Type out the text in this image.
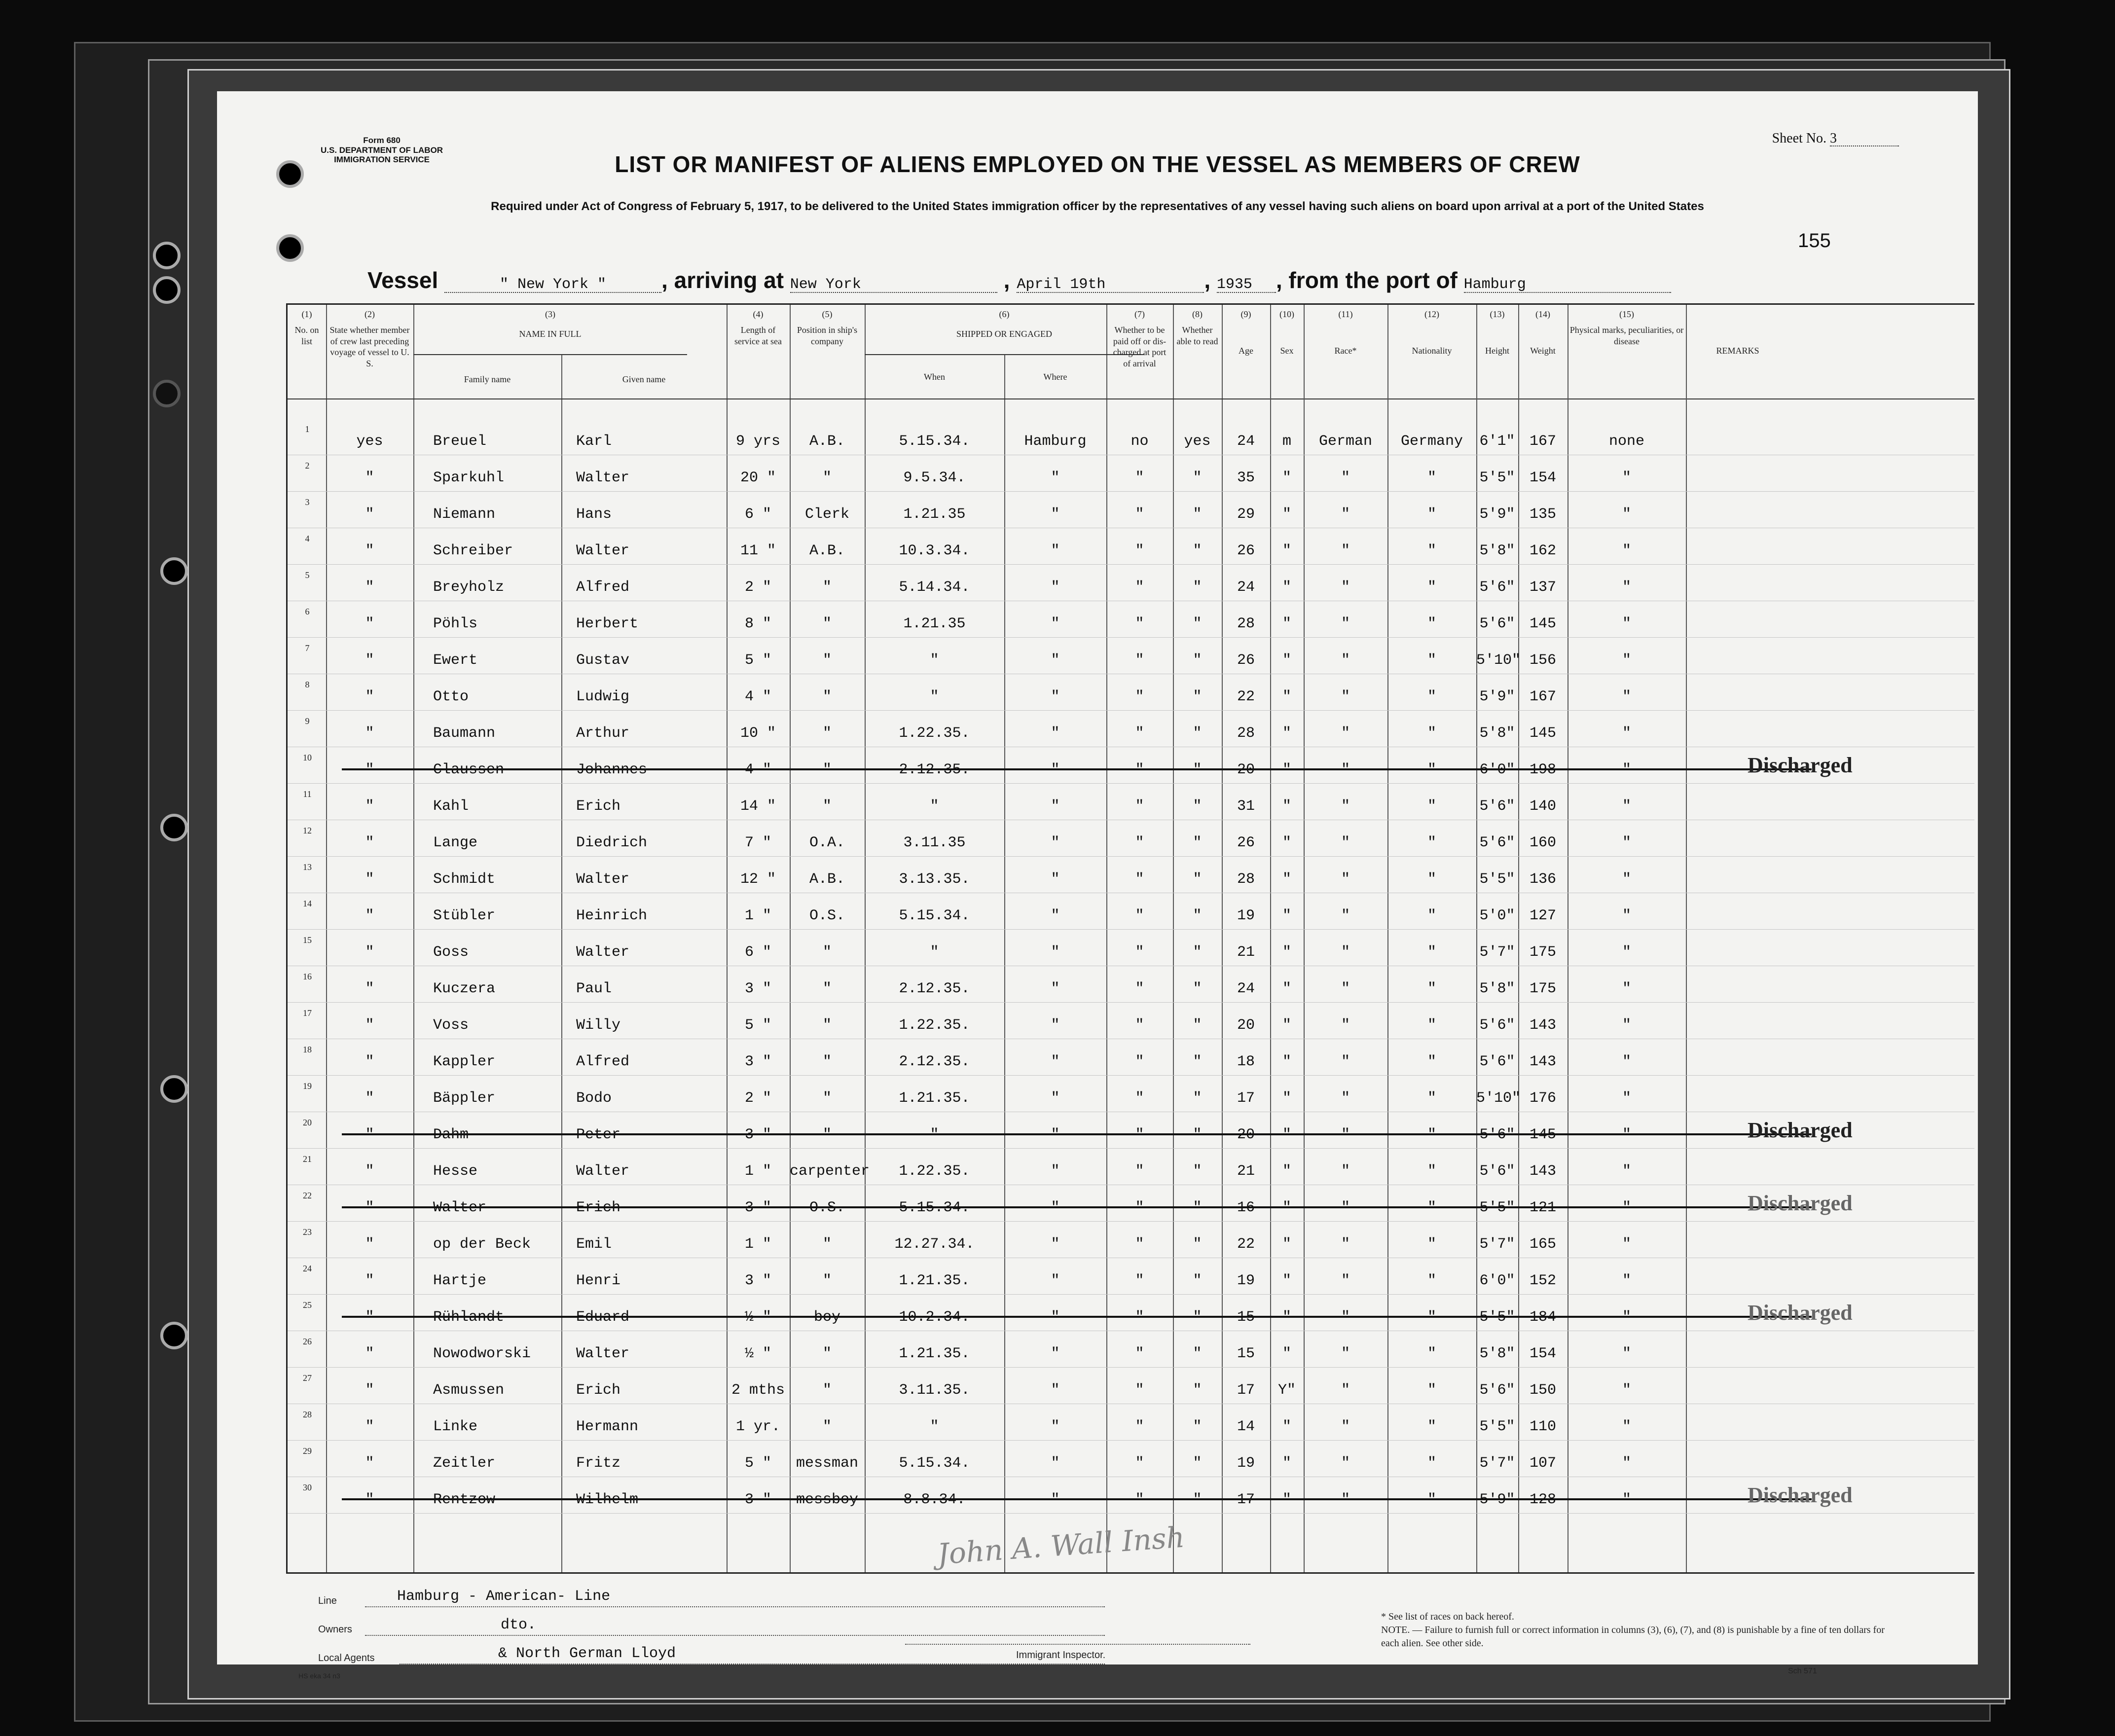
Form 680
U.S. DEPARTMENT OF LABOR
IMMIGRATION SERVICE
Sheet No. 3
LIST OR MANIFEST OF ALIENS EMPLOYED ON THE VESSEL AS MEMBERS OF CREW
Required under Act of Congress of February 5, 1917, to be delivered to the United States immigration officer by the representatives of any vessel having such aliens on board upon arrival at a port of the United States
155
Vessel	" New York " , arriving at New York	, April 19th	, 1935 , from the port of Hamburg
(1)
No. on list
(2)
State whether member of crew last preceding voyage of vessel to U. S.
(3)
NAME IN FULL
(4)
Length of service at sea
(5)
Position in ship's company
(6)
SHIPPED OR ENGAGED
(7)
Whether to be paid off or dis-charged at port of arrival
(8)
Whether able to read
(9)
Age
(10)
Sex
(11)
Race*
(12)
Nationality
(13)
Height
(14)
Weight
(15)
Physical marks, peculiarities, or disease
Family name	Given name	When	Where
REMARKS
1
yes	Breuel	Karl	9 yrs	A.B.	5.15.34.	Hamburg	no	yes	24	m	German	Germany	6'1" 167	none
2
"	Sparkuhl	Walter	20 "	"	9.5.34.	"	"	"	35	"	"	"	5'5" 154	"
3
"	Niemann	Hans	6 "	Clerk	1.21.35	"	"	"	29	"	"	"	5'9" 135	"
4
"	Schreiber	Walter	11 "	A.B.	10.3.34.	"	"	"	26	"	"	"	5'8" 162	"
5
"	Breyholz	Alfred	2 "	"	5.14.34.	"	"	"	24	"	"	"	5'6" 137	"
6
"	Pöhls	Herbert	8 "	"	1.21.35	"	"	"	28	"	"	"	5'6" 145	"
7
"	Ewert	Gustav	5 "	"	"	"	"	"	26	"	"	"	5'10" 156	"
8
"	Otto	Ludwig	4 "	"	"	"	"	"	22	"	"	"	5'9" 167	"
9
"	Baumann	Arthur	10 "	"	1.22.35.	"	"	"	28	"	"	"	5'8" 145	"
10
"	Claussen	Johannes	4 "	"	2.12.35.	"	"	"	20	"	"	"	6'0" 198	"	Discharged
11
"	Kahl	Erich	14 "	"	"	"	"	"	31	"	"	"	5'6" 140	"
12
"	Lange	Diedrich	7 "	O.A.	3.11.35	"	"	"	26	"	"	"	5'6" 160	"
13
"	Schmidt	Walter	12 "	A.B.	3.13.35.	"	"	"	28	"	"	"	5'5" 136	"
14
"	Stübler	Heinrich	1 "	O.S.	5.15.34.	"	"	"	19	"	"	"	5'0" 127	"
15
"	Goss	Walter	6 "	"	"	"	"	"	21	"	"	"	5'7" 175	"
16
"	Kuczera	Paul	3 "	"	2.12.35.	"	"	"	24	"	"	"	5'8" 175	"
17
"	Voss	Willy	5 "	"	1.22.35.	"	"	"	20	"	"	"	5'6" 143	"
18
"	Kappler	Alfred	3 "	"	2.12.35.	"	"	"	18	"	"	"	5'6" 143	"
19
"	Bäppler	Bodo	2 "	"	1.21.35.	"	"	"	17	"	"	"	5'10" 176	"
20
"	Dahm	Peter	3 "	"	"	"	"	"	20	"	"	"	5'6" 145	"	Discharged
21
"	Hesse	Walter	1 "	carpenter	1.22.35.	"	"	"	21	"	"	"	5'6" 143	"
22
"	Walter	Erich	3 "	O.S.	5.15.34.	"	"	"	16	"	"	"	5'5" 121	"	Discharged
23
"	op der Beck	Emil	1 "	"	12.27.34.	"	"	"	22	"	"	"	5'7" 165	"
24
"	Hartje	Henri	3 "	"	1.21.35.	"	"	"	19	"	"	"	6'0" 152	"
25
"	Rühlandt	Eduard	½ "	boy	10.2.34.	"	"	"	15	"	"	"	5'5" 184	"	Discharged
26
"	Nowodworski	Walter	½ "	"	1.21.35.	"	"	"	15	"	"	"	5'8" 154	"
27
"	Asmussen	Erich	2 mths	"	3.11.35.	"	"	"	17	Y"	"	"	5'6" 150	"
28
"	Linke	Hermann	1 yr.	"	"	"	"	"	14	"	"	"	5'5" 110	"
29
"	Zeitler	Fritz	5 "	messman	5.15.34.	"	"	"	19	"	"	"	5'7" 107	"
30
"	Rentzow	Wilhelm	3 "	messboy	8.8.34.	"	"	"	17	"	"	"	5'9" 128	"	Discharged
Line	Hamburg - American- Line
Owners	dto.
Local Agents	& North German Lloyd	Immigrant Inspector.
John A. Wall Insh
* See list of races on back hereof.
NOTE. — Failure to furnish full or correct information in columns (3), (6), (7), and (8) is punishable by a fine of ten dollars for each alien. See other side.
HS eka 34 n3
Sch 571
